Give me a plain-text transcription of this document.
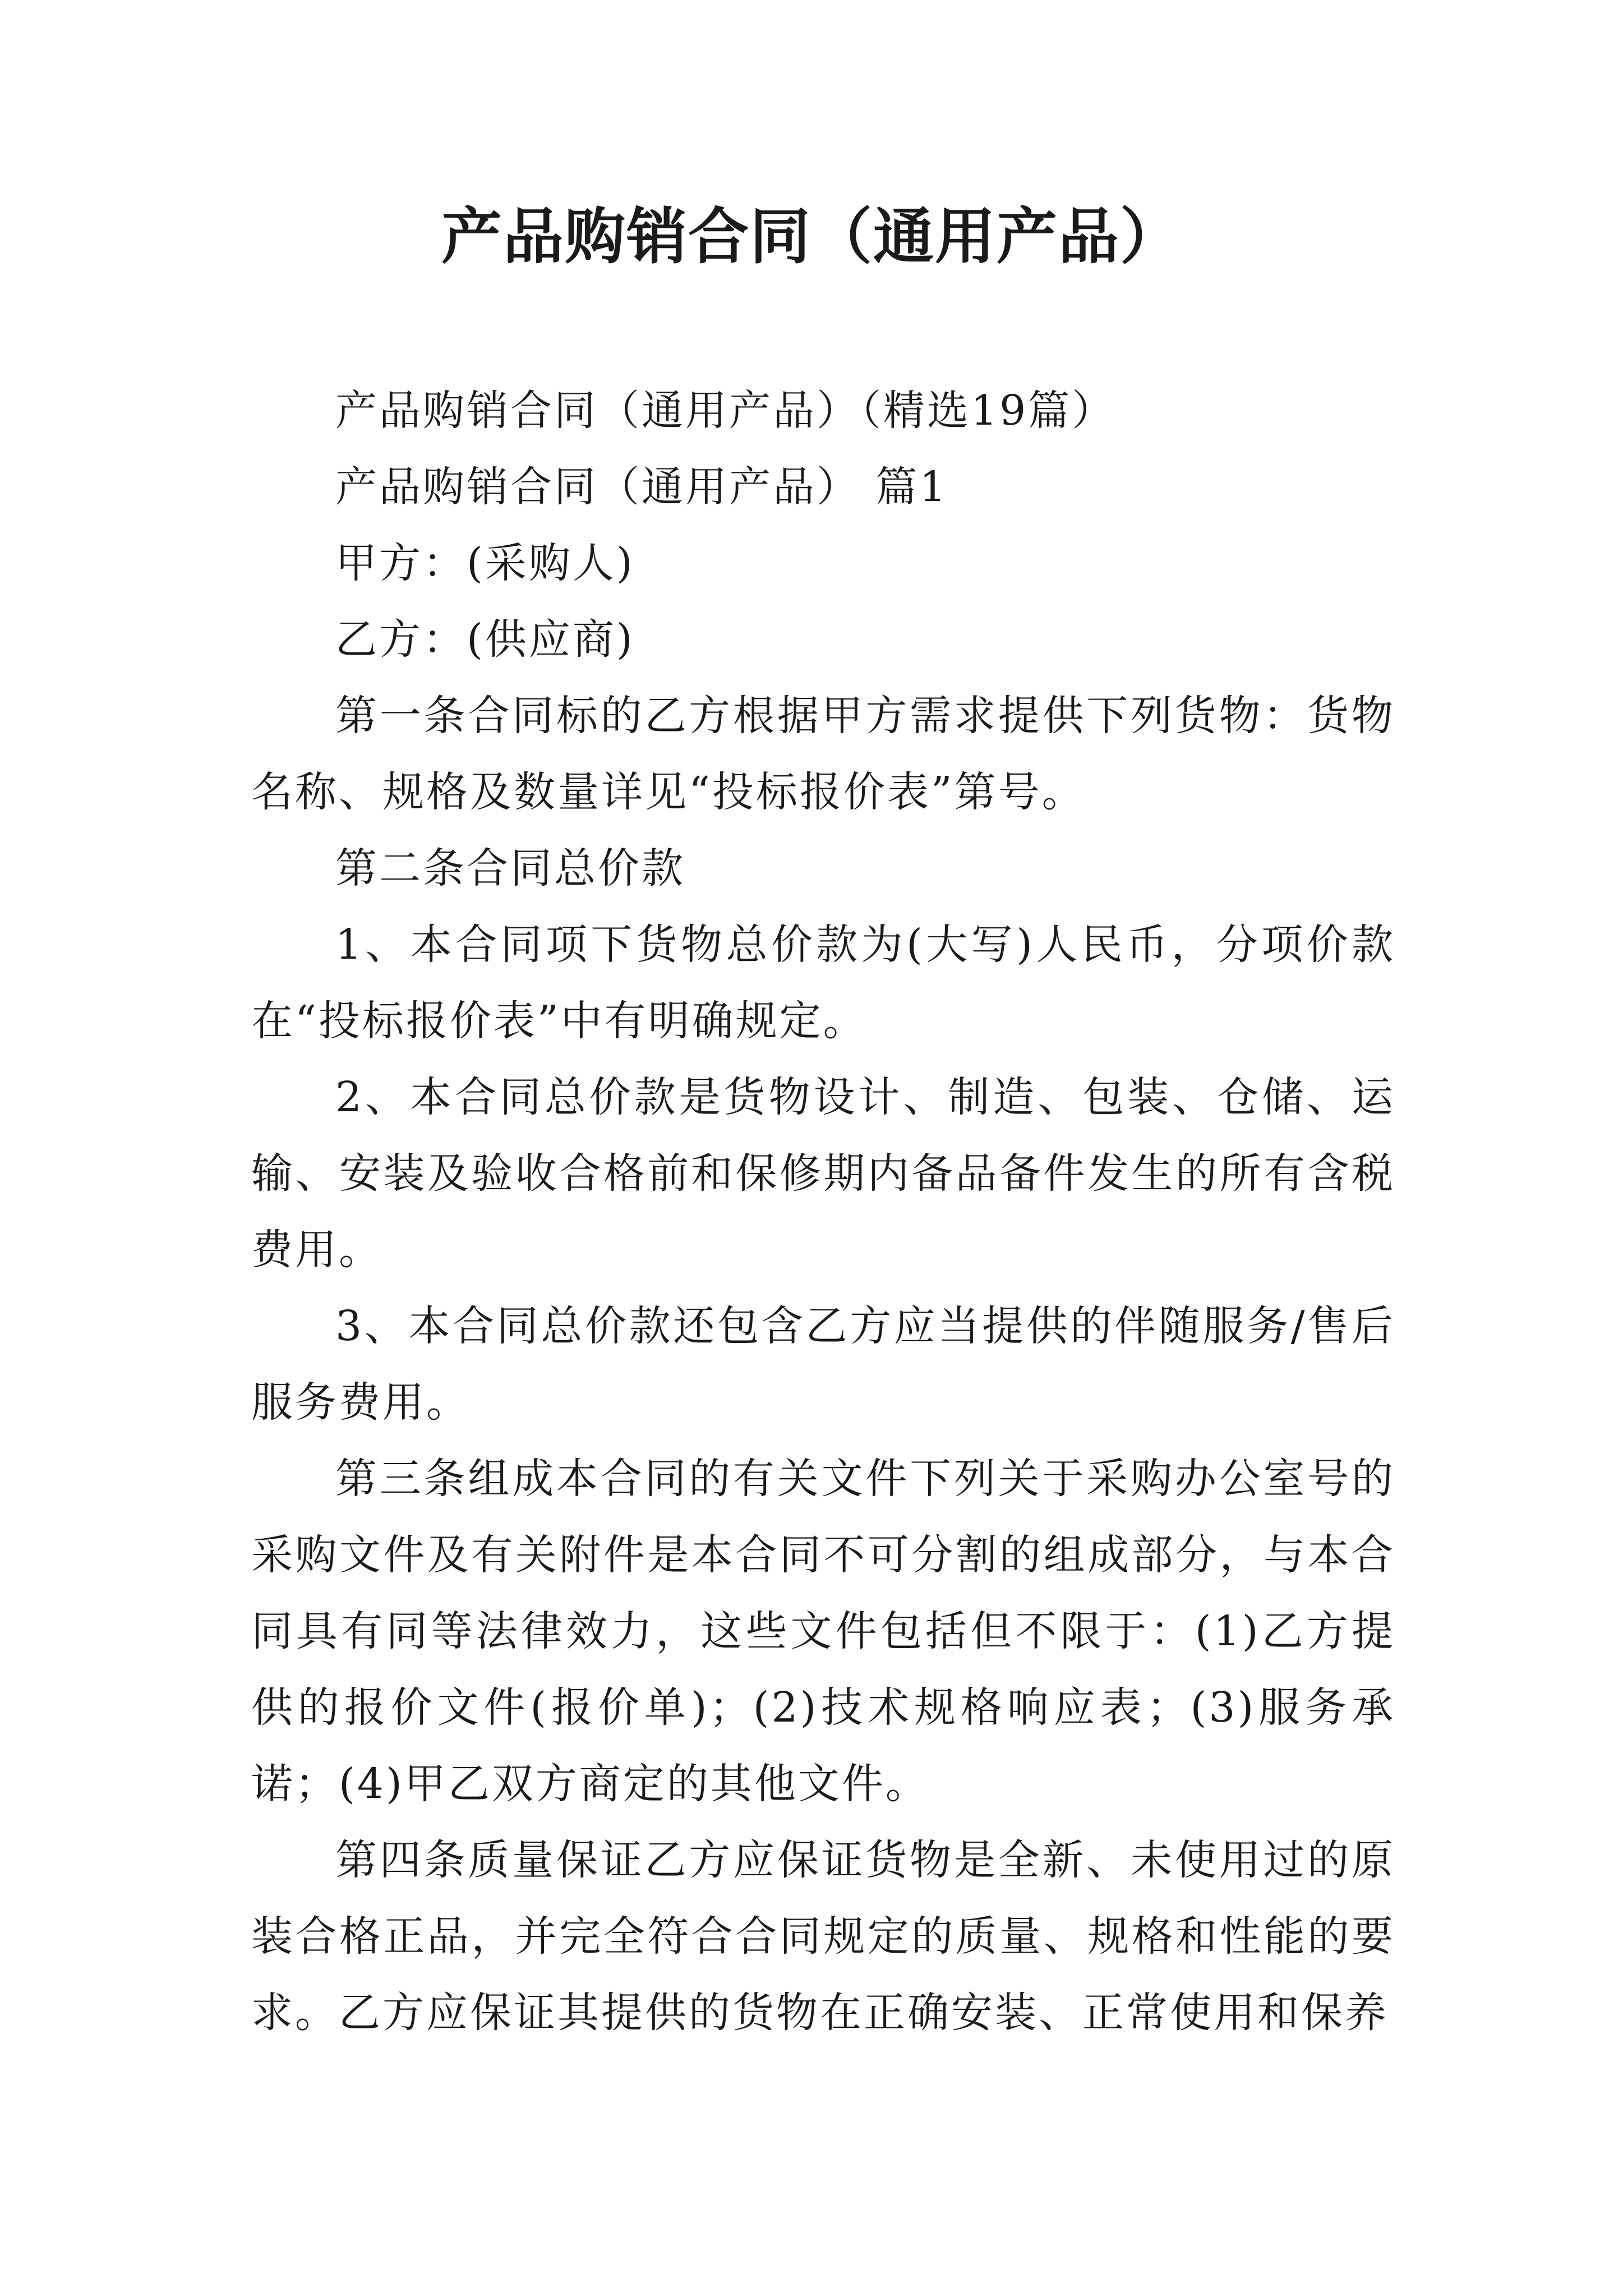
产品购销合同（通用产品）

产品购销合同（通用产品）（精选19篇）

产品购销合同（通用产品） 篇1

甲方：(采购人)

乙方：(供应商)

第一条合同标的乙方根据甲方需求提供下列货物：货物名称、规格及数量详见“投标报价表”第号。

第二条合同总价款

1、本合同项下货物总价款为(大写)人民币，分项价款在“投标报价表”中有明确规定。

2、本合同总价款是货物设计、制造、包装、仓储、运输、安装及验收合格前和保修期内备品备件发生的所有含税费用。

3、本合同总价款还包含乙方应当提供的伴随服务/售后服务费用。

第三条组成本合同的有关文件下列关于采购办公室号的采购文件及有关附件是本合同不可分割的组成部分，与本合同具有同等法律效力，这些文件包括但不限于：(1)乙方提供的报价文件(报价单)；(2)技术规格响应表；(3)服务承诺；(4)甲乙双方商定的其他文件。

第四条质量保证乙方应保证货物是全新、未使用过的原装合格正品，并完全符合合同规定的质量、规格和性能的要求。乙方应保证其提供的货物在正确安装、正常使用和保养
